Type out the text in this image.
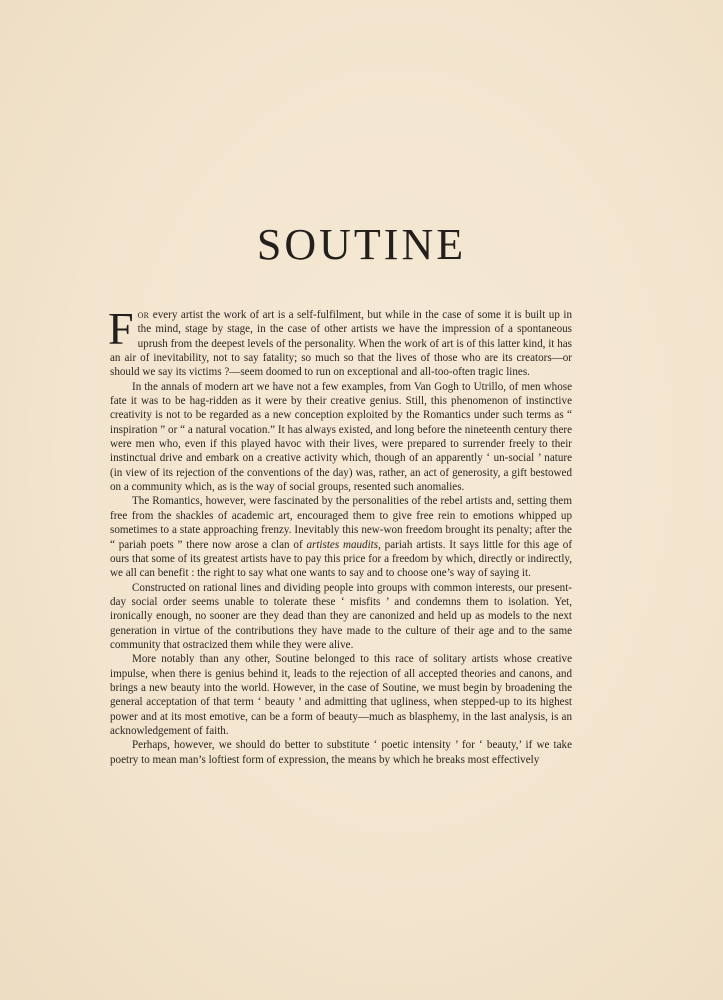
SOUTINE

For every artist the work of art is a self-fulfilment, but while in the case of some it is built up in the mind, stage by stage, in the case of other artists we have the impression of a spontaneous uprush from the deepest levels of the personality. When the work of art is of this latter kind, it has an air of inevitability, not to say fatality; so much so that the lives of those who are its creators—or should we say its victims ?—seem doomed to run on exceptional and all-too-often tragic lines.

In the annals of modern art we have not a few examples, from Van Gogh to Utrillo, of men whose fate it was to be hag-ridden as it were by their creative genius. Still, this phenomenon of instinctive creativity is not to be regarded as a new conception exploited by the Romantics under such terms as “ inspiration ” or “ a natural vocation.” It has always existed, and long before the nineteenth century there were men who, even if this played havoc with their lives, were prepared to surrender freely to their instinctual drive and embark on a creative activity which, though of an apparently ‘ un-social ’ nature (in view of its rejection of the conventions of the day) was, rather, an act of generosity, a gift bestowed on a community which, as is the way of social groups, resented such anomalies.

The Romantics, however, were fascinated by the personalities of the rebel artists and, setting them free from the shackles of academic art, encouraged them to give free rein to emotions whipped up sometimes to a state approaching frenzy. Inevitably this new-won freedom brought its penalty; after the “ pariah poets ” there now arose a clan of artistes maudits, pariah artists. It says little for this age of ours that some of its greatest artists have to pay this price for a freedom by which, directly or indirectly, we all can benefit : the right to say what one wants to say and to choose one’s way of saying it.

Constructed on rational lines and dividing people into groups with common interests, our present-day social order seems unable to tolerate these ‘ misfits ’ and condemns them to isolation. Yet, ironically enough, no sooner are they dead than they are canonized and held up as models to the next generation in virtue of the contributions they have made to the culture of their age and to the same community that ostracized them while they were alive.

More notably than any other, Soutine belonged to this race of solitary artists whose creative impulse, when there is genius behind it, leads to the rejection of all accepted theories and canons, and brings a new beauty into the world. However, in the case of Soutine, we must begin by broadening the general acceptation of that term ‘ beauty ’ and admitting that ugliness, when stepped-up to its highest power and at its most emotive, can be a form of beauty—much as blasphemy, in the last analysis, is an acknowledgement of faith.

Perhaps, however, we should do better to substitute ‘ poetic intensity ’ for ‘ beauty,’ if we take poetry to mean man’s loftiest form of expression, the means by which he breaks most effectively
